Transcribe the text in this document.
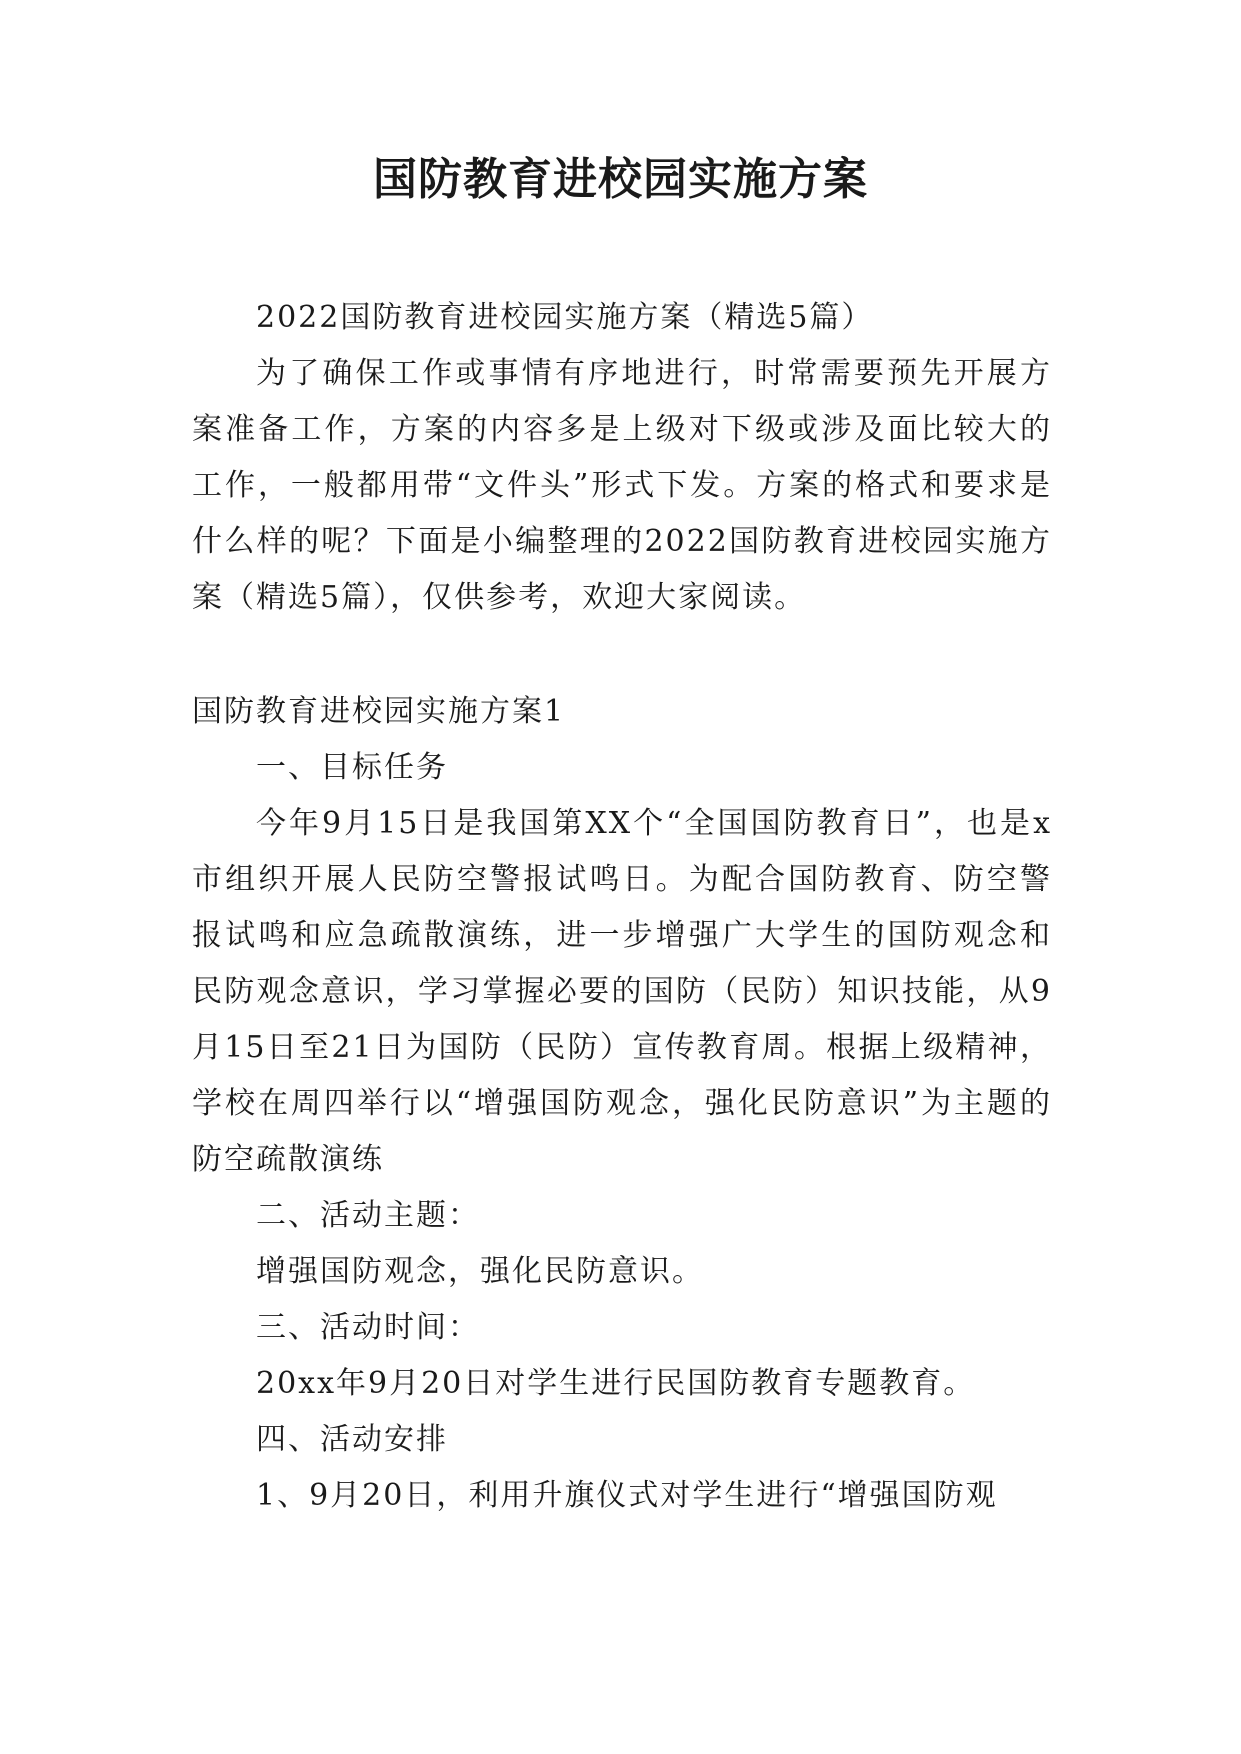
国防教育进校园实施方案

2022国防教育进校园实施方案（精选5篇）

为了确保工作或事情有序地进行，时常需要预先开展方案准备工作，方案的内容多是上级对下级或涉及面比较大的工作，一般都用带“文件头”形式下发。方案的格式和要求是什么样的呢？下面是小编整理的2022国防教育进校园实施方案（精选5篇），仅供参考，欢迎大家阅读。

国防教育进校园实施方案1

一、目标任务

今年9月15日是我国第XX个“全国国防教育日”，也是x市组织开展人民防空警报试鸣日。为配合国防教育、防空警报试鸣和应急疏散演练，进一步增强广大学生的国防观念和民防观念意识，学习掌握必要的国防（民防）知识技能，从9月15日至21日为国防（民防）宣传教育周。根据上级精神，学校在周四举行以“增强国防观念，强化民防意识”为主题的防空疏散演练

二、活动主题：

增强国防观念，强化民防意识。

三、活动时间：

20xx年9月20日对学生进行民国防教育专题教育。

四、活动安排

1、9月20日，利用升旗仪式对学生进行“增强国防观
